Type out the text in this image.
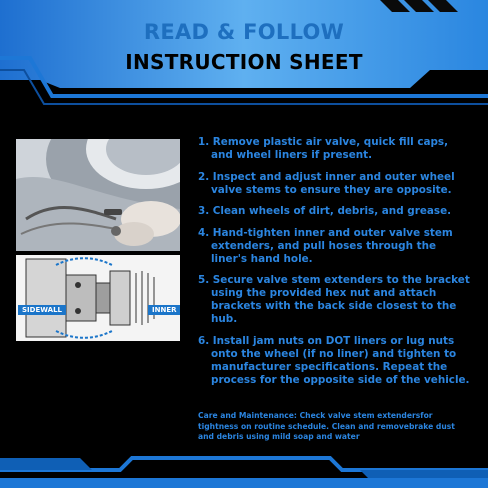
READ & FOLLOW
INSTRUCTION SHEET
SIDEWALL	INNER
1. Remove plastic air valve, quick fill caps, and wheel liners if present.
2. Inspect and adjust inner and outer wheel valve stems to ensure they are opposite.
3. Clean wheels of dirt, debris, and grease.
4. Hand-tighten inner and outer valve stem extenders, and pull hoses through the liner's hand hole.
5. Secure valve stem extenders to the bracket using the provided hex nut and attach brackets with the back side closest to the hub.
6. Install jam nuts on DOT liners or lug nuts onto the wheel (if no liner) and tighten to manufacturer specifications. Repeat the process for the opposite side of the vehicle.
Care and Maintenance: Check valve stem extendersfor tightness on routine schedule. Clean and removebrake dust and debris using mild soap and water
